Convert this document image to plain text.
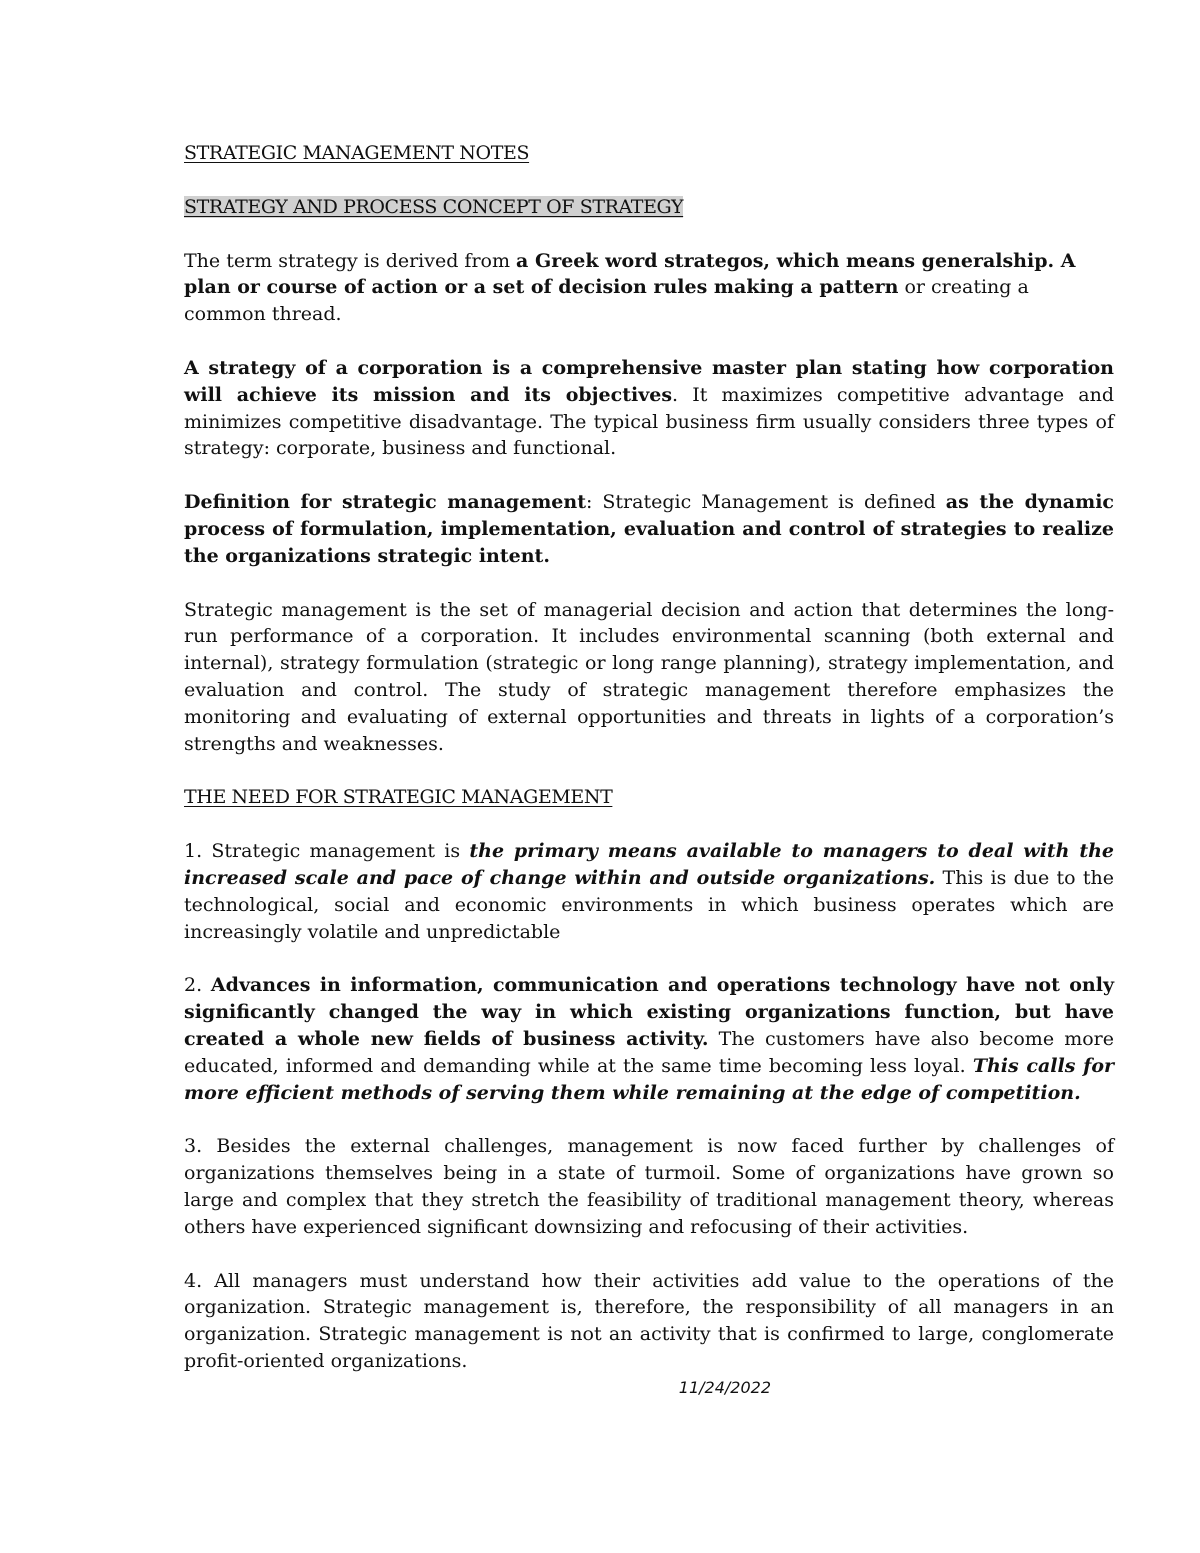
STRATEGIC MANAGEMENT NOTES

STRATEGY AND PROCESS CONCEPT OF STRATEGY

The term strategy is derived from a Greek word strategos, which means generalship. A plan or course of action or a set of decision rules making a pattern or creating a common thread.

A strategy of a corporation is a comprehensive master plan stating how corporation will achieve its mission and its objectives. It maximizes competitive advantage and minimizes competitive disadvantage. The typical business firm usually considers three types of strategy: corporate, business and functional.

Definition for strategic management: Strategic Management is defined as the dynamic process of formulation, implementation, evaluation and control of strategies to realize the organizations strategic intent.

Strategic management is the set of managerial decision and action that determines the long-run performance of a corporation. It includes environmental scanning (both external and internal), strategy formulation (strategic or long range planning), strategy implementation, and evaluation and control. The study of strategic management therefore emphasizes the monitoring and evaluating of external opportunities and threats in lights of a corporation’s strengths and weaknesses.

THE NEED FOR STRATEGIC MANAGEMENT

1. Strategic management is the primary means available to managers to deal with the increased scale and pace of change within and outside organizations. This is due to the technological, social and economic environments in which business operates which are increasingly volatile and unpredictable

2. Advances in information, communication and operations technology have not only significantly changed the way in which existing organizations function, but have created a whole new fields of business activity. The customers have also become more educated, informed and demanding while at the same time becoming less loyal. This calls for more efficient methods of serving them while remaining at the edge of competition.

3. Besides the external challenges, management is now faced further by challenges of organizations themselves being in a state of turmoil. Some of organizations have grown so large and complex that they stretch the feasibility of traditional management theory, whereas others have experienced significant downsizing and refocusing of their activities.

4. All managers must understand how their activities add value to the operations of the organization. Strategic management is, therefore, the responsibility of all managers in an organization. Strategic management is not an activity that is confirmed to large, conglomerate profit-oriented organizations.

11/24/2022
